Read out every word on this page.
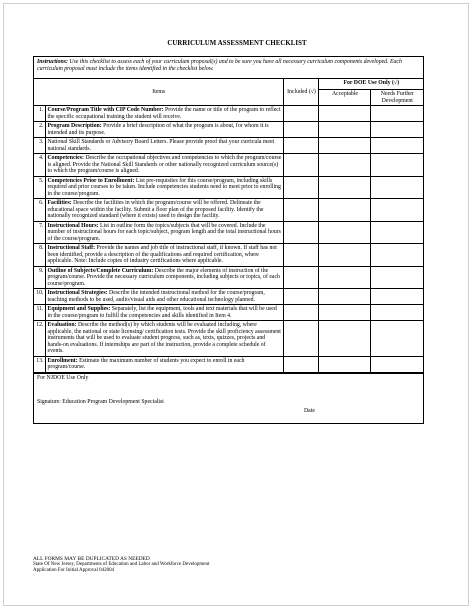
CURRICULUM ASSESSMENT CHECKLIST
Instructions: Use this checklist to assess each of your curriculum proposal(s) and to be sure you have all necessary curriculum components developed. Each curriculum proposal must include the items identified in the checklist below.
Items		Included (√)	For DOE Use Only (√)	
			Acceptable	Needs Further Development
1.	Course/Program Title with CIP Code Number: Provide the name or title of the program to reflect the specific occupational training the student will receive.			
2.	Program Description: Provide a brief description of what the program is about, for whom it is intended and its purpose.			
3.	National Skill Standards or Advisory Board Letters. Please provide proof that your curricula meet national standards.			
4.	Competencies: Describe the occupational objectives and competencies to which the program/course is aligned. Provide the National Skill Standards or other nationally recognized curriculum source(s) to which the program/course is aligned.			
5.	Competencies Prior to Enrollment: List pre-requisites for this course/program, including skills required and prior courses to be taken. Include competencies students need to meet prior to enrolling in the course/program.			
6.	Facilities: Describe the facilities in which the program/course will be offered. Delineate the educational space within the facility. Submit a floor plan of the proposed facility. Identify the nationally recognized standard (where it exists) used to design the facility.			
7.	Instructional Hours: List in outline form the topics/subjects that will be covered. Include the number of instructional hours for each topic/subject, program length and the total instructional hours of the course/program.			
8.	Instructional Staff: Provide the names and job title of instructional staff, if known. If staff has not been identified, provide a description of the qualifications and required certification, where applicable. Note: Include copies of industry certifications where applicable.			
9.	Outline of Subjects/Complete Curriculum: Describe the major elements of instruction of the program/course. Provide the necessary curriculum components, including subjects or topics, of each course/program.			
10.	Instructional Strategies: Describe the intended instructional method for the course/program, teaching methods to be used, audio/visual aids and other educational technology planned.			
11.	Equipment and Supplies: Separately, list the equipment, tools and text materials that will be used in the course/program to fulfill the competencies and skills identified in Item 4.			
12.	Evaluation: Describe the method(s) by which students will be evaluated including, where applicable, the national or state licensing/ certification tests. Provide the skill proficiency assessment instruments that will be used to evaluate student progress, such as, texts, quizzes, projects and hands-on evaluations. If internships are part of the instruction, provide a complete schedule of events.			
13.	Enrollment: Estimate the maximum number of students you expect to enroll in each program/course.			
For NJDOE Use Only
Signature: Education Program Development Specialist
Date
ALL FORMS MAY BE DUPLICATED AS NEEDED
State Of New Jersey, Departments of Education and Labor and Workforce Development
Application For Initial Approval 042004
